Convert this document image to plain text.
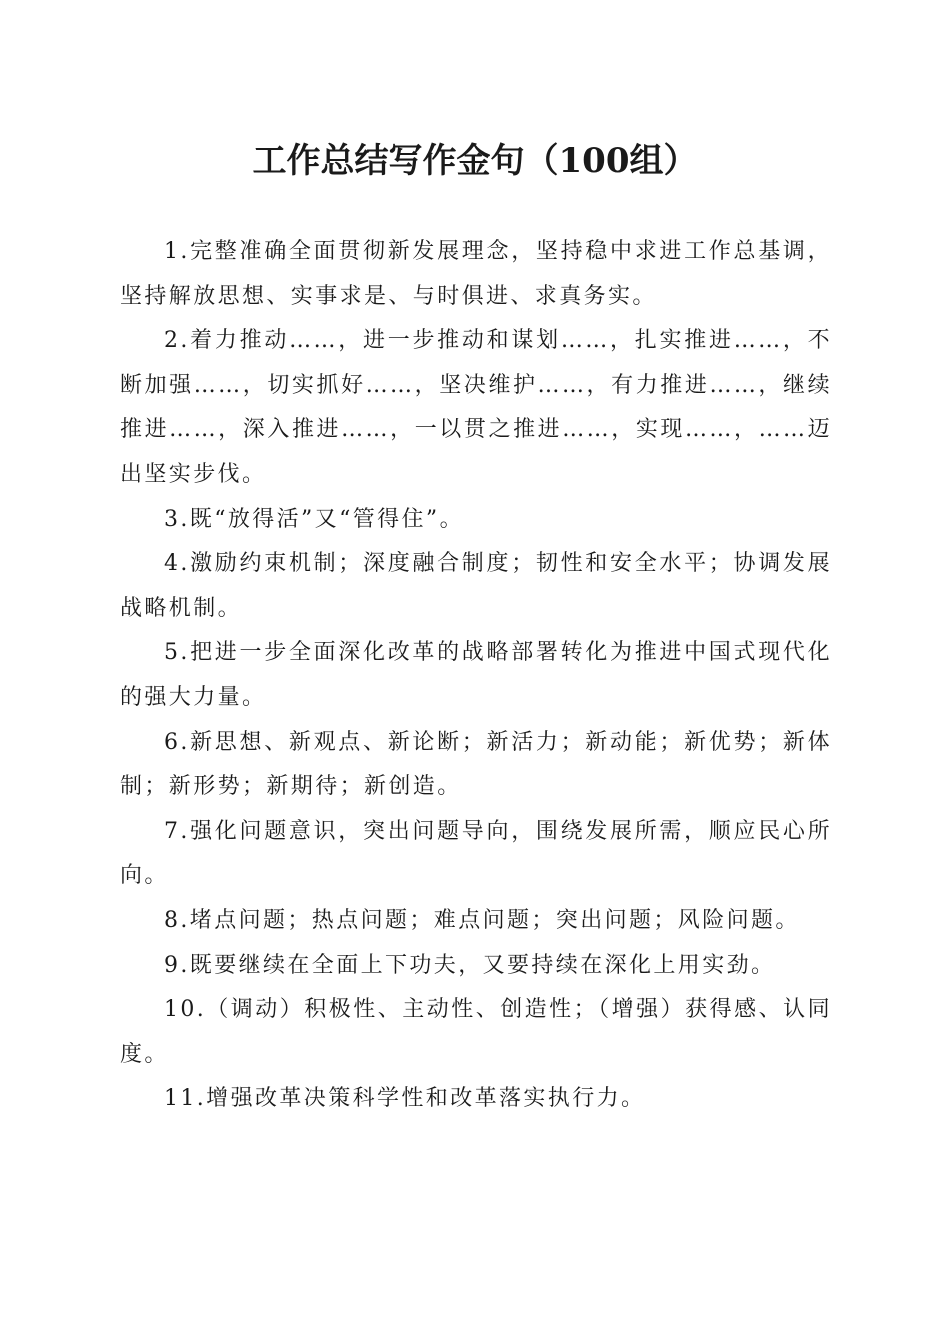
工作总结写作金句（100组）

1.完整准确全面贯彻新发展理念，坚持稳中求进工作总基调，坚持解放思想、实事求是、与时俱进、求真务实。

2.着力推动……，进一步推动和谋划……，扎实推进……，不断加强……，切实抓好……，坚决维护……，有力推进……，继续推进……，深入推进……，一以贯之推进……，实现……，……迈出坚实步伐。

3.既“放得活”又“管得住”。

4.激励约束机制；深度融合制度；韧性和安全水平；协调发展战略机制。

5.把进一步全面深化改革的战略部署转化为推进中国式现代化的强大力量。

6.新思想、新观点、新论断；新活力；新动能；新优势；新体制；新形势；新期待；新创造。

7.强化问题意识，突出问题导向，围绕发展所需，顺应民心所向。

8.堵点问题；热点问题；难点问题；突出问题；风险问题。

9.既要继续在全面上下功夫，又要持续在深化上用实劲。

10.（调动）积极性、主动性、创造性；（增强）获得感、认同度。

11.增强改革决策科学性和改革落实执行力。
